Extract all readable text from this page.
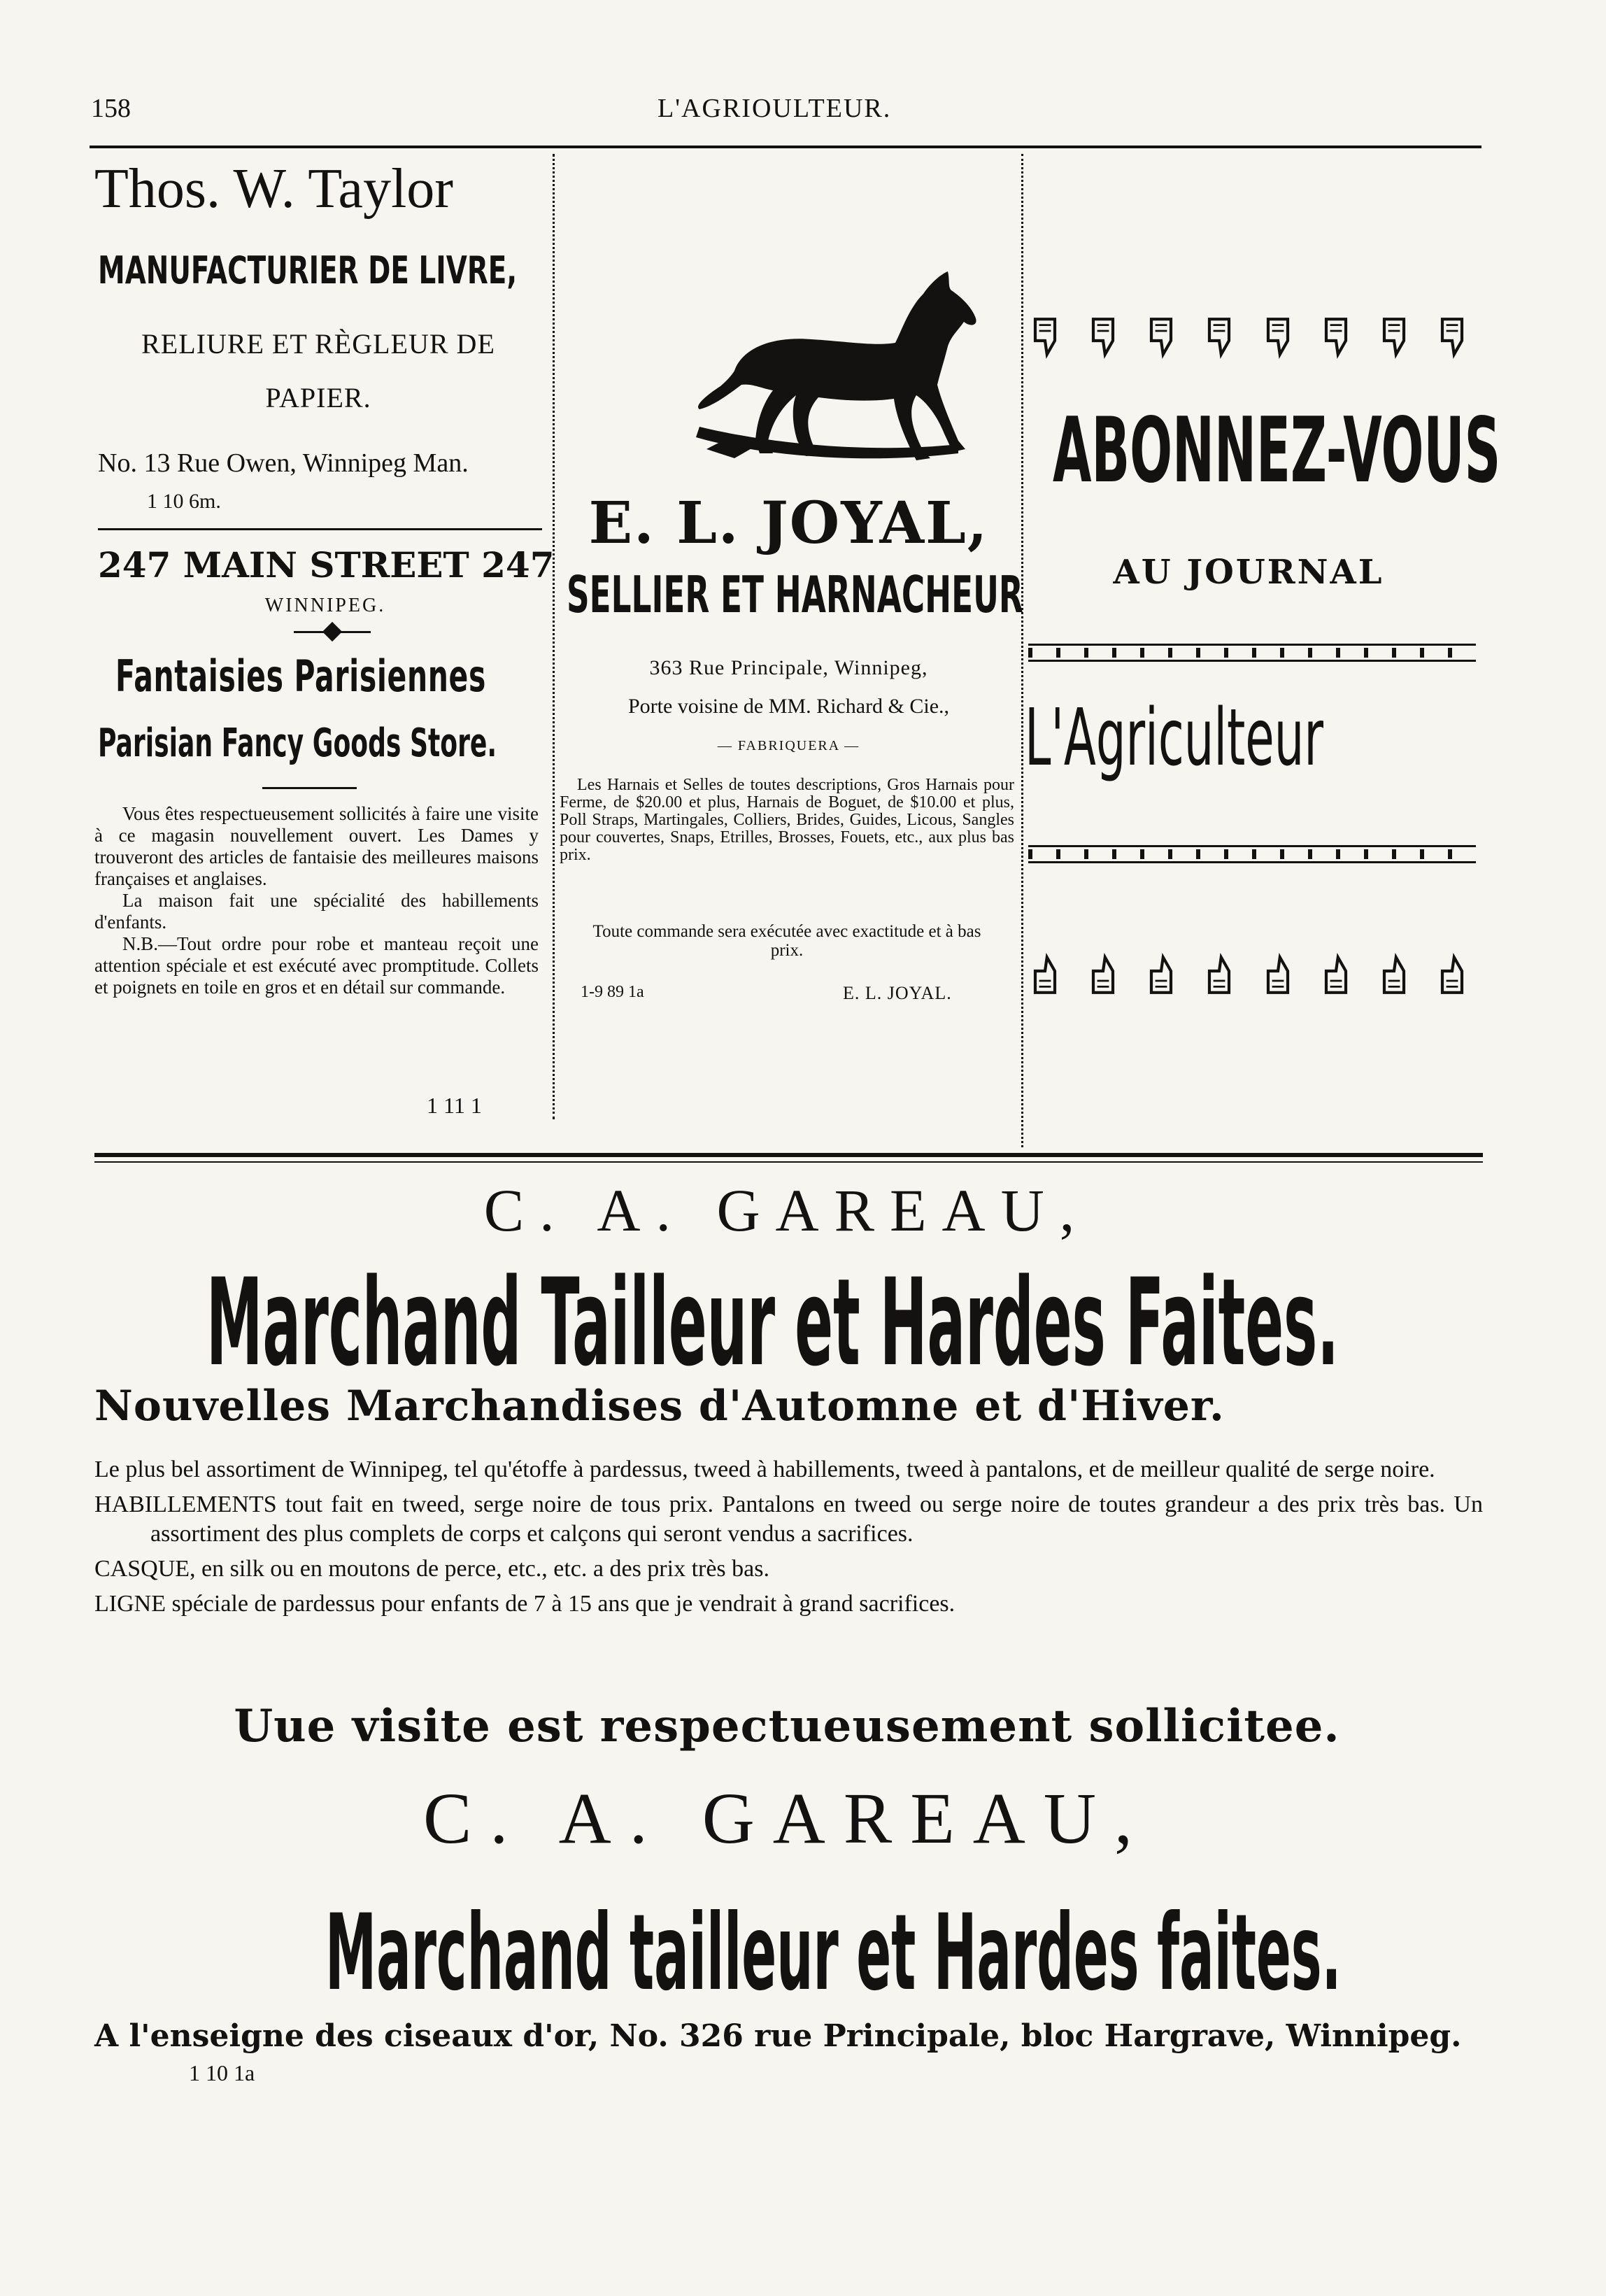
158	L'AGRIOULTEUR.
Thos. W. Taylor
MANUFACTURIER DE LIVRE,
RELIURE ET RÈGLEUR DE
PAPIER.
No. 13 Rue Owen, Winnipeg Man.
1 10 6m.
247 MAIN STREET 247
WINNIPEG.
Fantaisies Parisiennes
Parisian Fancy Goods Store.

Vous êtes respectueusement sollicités à faire une visite à ce magasin nouvellement ouvert. Les Dames y trouveront des articles de fantaisie des meilleures maisons françaises et anglaises.

La maison fait une spécialité des habillements d'enfants.

N.B.—Tout ordre pour robe et manteau reçoit une attention spéciale et est exécuté avec promptitude. Collets et poignets en toile en gros et en détail sur commande.

1 11 1
E. L. JOYAL,
SELLIER ET HARNACHEUR
363 Rue Principale, Winnipeg,
Porte voisine de MM. Richard & Cie.,
— FABRIQUERA —

Les Harnais et Selles de toutes descriptions, Gros Harnais pour Ferme, de $20.00 et plus, Harnais de Boguet, de $10.00 et plus, Poll Straps, Martingales, Colliers, Brides, Guides, Licous, Sangles pour couvertes, Snaps, Etrilles, Brosses, Fouets, etc., aux plus bas prix.

Toute commande sera exécutée avec exactitude et à bas prix.

1-9 89 1a	E. L. JOYAL.
ABONNEZ-VOUS
AU JOURNAL
L'Agriculteur
C. A. GAREAU,
Marchand Tailleur et Hardes Faites.
Nouvelles Marchandises d'Automne et d'Hiver.

Le plus bel assortiment de Winnipeg, tel qu'étoffe à pardessus, tweed à habillements, tweed à pantalons, et de meilleur qualité de serge noire.

HABILLEMENTS tout fait en tweed, serge noire de tous prix. Pantalons en tweed ou serge noire de toutes grandeur a des prix très bas. Un assortiment des plus complets de corps et calçons qui seront vendus a sacrifices.

CASQUE, en silk ou en moutons de perce, etc., etc. a des prix très bas.

LIGNE spéciale de pardessus pour enfants de 7 à 15 ans que je vendrait à grand sacrifices.

Uue visite est respectueusement sollicitee.
C. A. GAREAU,
Marchand tailleur et Hardes faites.
A l'enseigne des ciseaux d'or, No. 326 rue Principale, bloc Hargrave, Winnipeg.
1 10 1a
